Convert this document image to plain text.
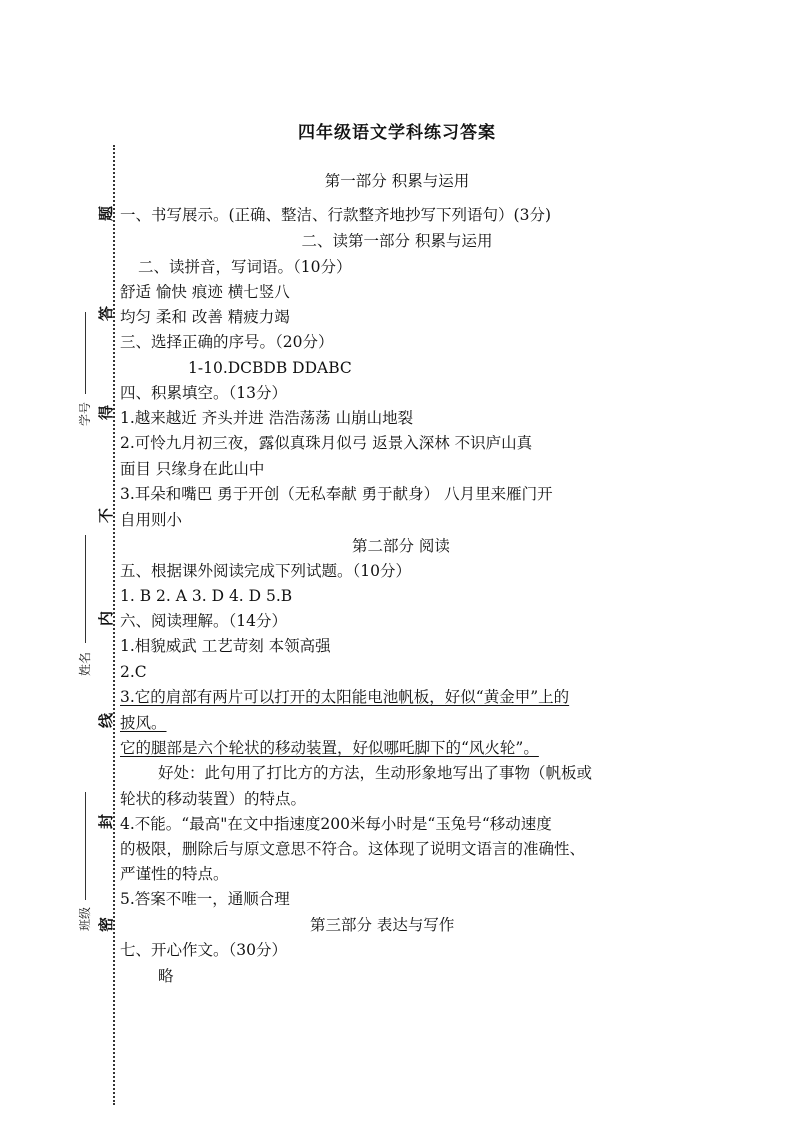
题
答
得
不
内
线
封
密
学号
姓名
班级
四年级语文学科练习答案
第一部分 积累与运用
一、书写展示。(正确、整洁、行款整齐地抄写下列语句）(3分)
二、读第一部分 积累与运用
二、读拼音，写词语。（10分）
舒适 愉快 痕迹 横七竖八
均匀 柔和 改善 精疲力竭
三、选择正确的序号。（20分）
1-10.DCBDB DDABC
四、积累填空。（13分）
1.越来越近 齐头并进 浩浩荡荡 山崩山地裂
2.可怜九月初三夜，露似真珠月似弓 返景入深林 不识庐山真
面目 只缘身在此山中
3.耳朵和嘴巴 勇于开创（无私奉献 勇于献身） 八月里来雁门开
自用则小
第二部分 阅读
五、根据课外阅读完成下列试题。（10分）
1. B 2. A 3. D 4. D 5.B
六、阅读理解。（14分）
1.相貌威武 工艺苛刻 本领高强
2.C
3.它的肩部有两片可以打开的太阳能电池帆板，好似“黄金甲”上的
披风。
它的腿部是六个轮状的移动装置，好似哪吒脚下的“风火轮”。
好处：此句用了打比方的方法，生动形象地写出了事物（帆板或
轮状的移动装置）的特点。
4.不能。“最高"在文中指速度200米每小时是“玉兔号“移动速度
的极限，删除后与原文意思不符合。这体现了说明文语言的准确性、
严谨性的特点。
5.答案不唯一，通顺合理
第三部分 表达与写作
七、开心作文。（30分）
略
